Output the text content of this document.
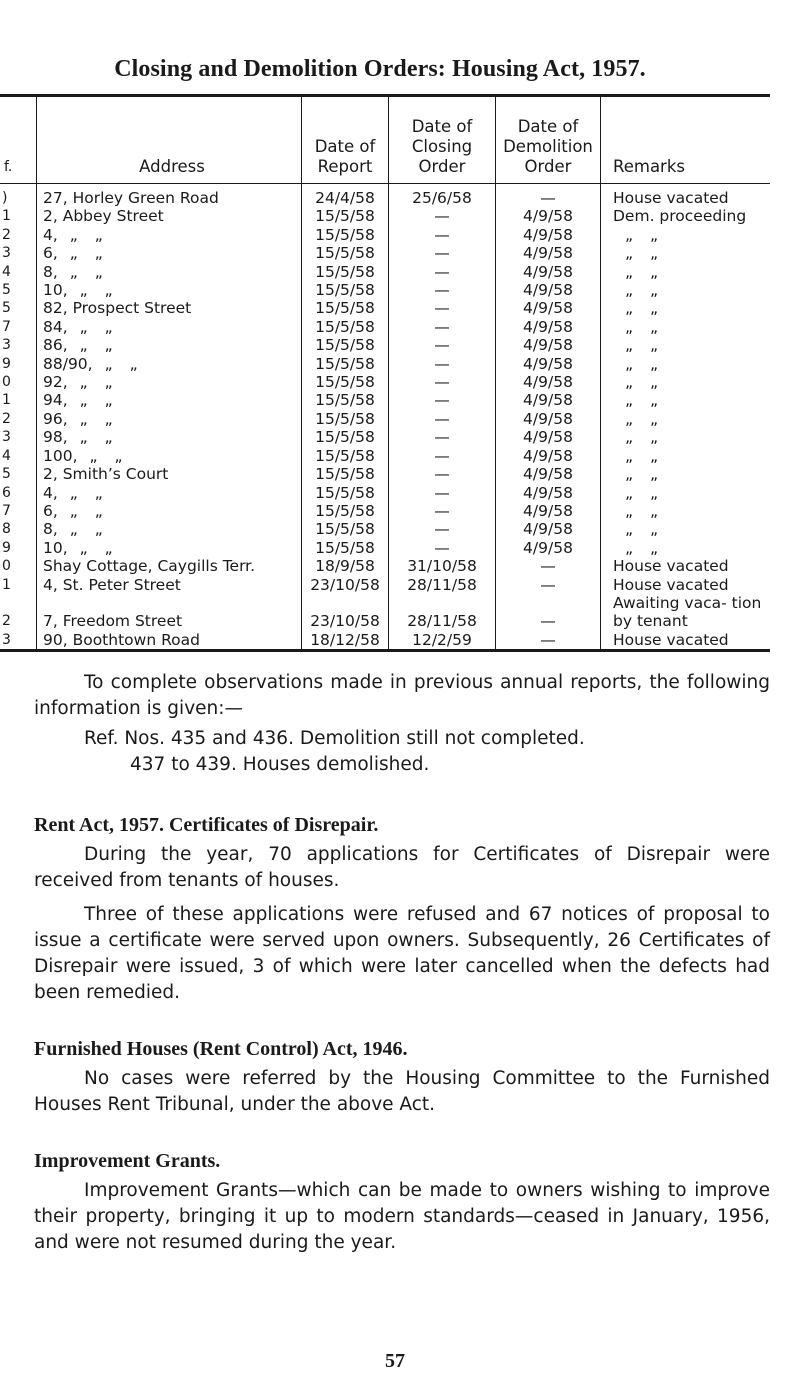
Closing and Demolition Orders: Housing Act, 1957.
f.	Address	Date of Report	Date of Closing Order	Date of Demolition Order	Remarks
)	27, Horley Green Road	24/4/58	25/6/58	—	House vacated
1	2, Abbey Street	15/5/58	—	4/9/58	Dem. proceeding
2	4, „ „	15/5/58	—	4/9/58	„ „
3	6, „ „	15/5/58	—	4/9/58	„ „
4	8, „ „	15/5/58	—	4/9/58	„ „
5	10, „ „	15/5/58	—	4/9/58	„ „
5	82, Prospect Street	15/5/58	—	4/9/58	„ „
7	84, „ „	15/5/58	—	4/9/58	„ „
3	86, „ „	15/5/58	—	4/9/58	„ „
9	88/90, „ „	15/5/58	—	4/9/58	„ „
0	92, „ „	15/5/58	—	4/9/58	„ „
1	94, „ „	15/5/58	—	4/9/58	„ „
2	96, „ „	15/5/58	—	4/9/58	„ „
3	98, „ „	15/5/58	—	4/9/58	„ „
4	100, „ „	15/5/58	—	4/9/58	„ „
5	2, Smith’s Court	15/5/58	—	4/9/58	„ „
6	4, „ „	15/5/58	—	4/9/58	„ „
7	6, „ „	15/5/58	—	4/9/58	„ „
8	8, „ „	15/5/58	—	4/9/58	„ „
9	10, „ „	15/5/58	—	4/9/58	„ „
0	Shay Cottage, Caygills Terr.	18/9/58	31/10/58	—	House vacated
1	4, St. Peter Street	23/10/58	28/11/58	—	House vacated
2	7, Freedom Street	23/10/58	28/11/58	—	Awaiting vaca- tion by tenant
3	90, Boothtown Road	18/12/58	12/2/59	—	House vacated

To complete observations made in previous annual reports, the following information is given:—

Ref. Nos. 435 and 436. Demolition still not completed.

437 to 439. Houses demolished.

Rent Act, 1957. Certificates of Disrepair.

During the year, 70 applications for Certificates of Disrepair were received from tenants of houses.

Three of these applications were refused and 67 notices of proposal to issue a certificate were served upon owners. Subsequently, 26 Certificates of Disrepair were issued, 3 of which were later cancelled when the defects had been remedied.

Furnished Houses (Rent Control) Act, 1946.

No cases were referred by the Housing Committee to the Furnished Houses Rent Tribunal, under the above Act.

Improvement Grants.

Improvement Grants—which can be made to owners wishing to improve their property, bringing it up to modern standards—ceased in January, 1956, and were not resumed during the year.

57
